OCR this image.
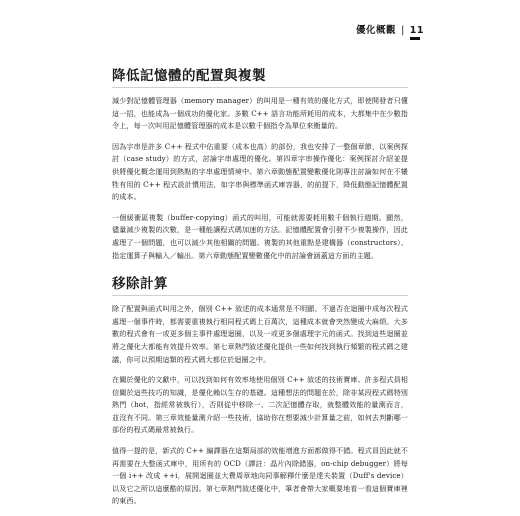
優化概觀 | 11
降低記憶體的配置與複製

減少對記憶體管理器（memory manager）的叫用是一種有效的優化方式，即使開發者只懂這一招，也能成為一個成功的優化家。多數 C++ 語言功能所耗用的成本，大都集中在少數指令上，每一次叫用記憶體管理器的成本是以數千個指令為單位來衡量的。

因為字串是許多 C++ 程式中佔重要（成本也高）的部份，我也安排了一整個章節，以案例探討（case study）的方式，討論字串處理的優化。第四章字串操作優化：案例探討介紹並提供將優化概念運用到熱點的字串處理情境中。第六章動態配置變數優化則專注討論如何在不犧牲有用的 C++ 程式設計慣用法，如字串與標準函式庫容器，的前提下，降低動態記憶體配置的成本。

一個緩衝區複製（buffer-copying）函式的叫用，可能就需要耗用數千個執行週期。顯然，儘量減少複製的次數，是一種能讓程式碼加速的方法。記憶體配置會引發不少複製操作，因此處理了一個問題，也可以減少其他相關的問題。複製的其他重點是建構器（constructors）、指定運算子與輸入／輸出。第六章動態配置變數優化中的討論會涵蓋這方面的主題。

移除計算

除了配置與函式叫用之外，個別 C++ 敘述的成本通常是不明顯、不過否在迴圈中成每次程式處理一個事件時，都需要重複執行相同程式碼上百萬次，這種成本就會突然變成大麻煩。大多數的程式會有一或更多個主事件處理迴圈，以及一或更多個處理字元的函式。找到這些迴圈並將之優化大都能有效提升效率。第七章熱門敘述優化提供一些如何找到執行頻繁的程式碼之建議，你可以預期這類的程式碼大都位於迴圈之中。

在關於優化的文獻中，可以找到如何有效率地使用個別 C++ 敘述的技術寶庫。許多程式員相信關於這些技巧的知識，是優化賴以生存的基礎。這種想法的問題在於，除非某段程式碼特別熱門（hot，指經常被執行），否則從中移除一、二次記憶體存取，就整體效能的量測而言，並沒有不同。第三章效能量測介紹一些技術，協助你在想要減少計算量之前，如何去判斷哪一部份的程式碼最常被執行。

值得一提的是，新式的 C++ 編譯器在這類局部的效能增進方面都做得不錯。程式員因此就不再需要在大整函式庫中，用所有的 OCD（譯註：晶片內除錯器，on-chip debugger）將每一個 i++ 改成 ++i，展開迴圈並大費周章地向同事解釋什麼是達夫裝置（Duff's device）以及它之所以這麼酷的原因。第七章熱門敘述優化中，筆者會帶大家概要地看一看這個寶庫裡的東西。
